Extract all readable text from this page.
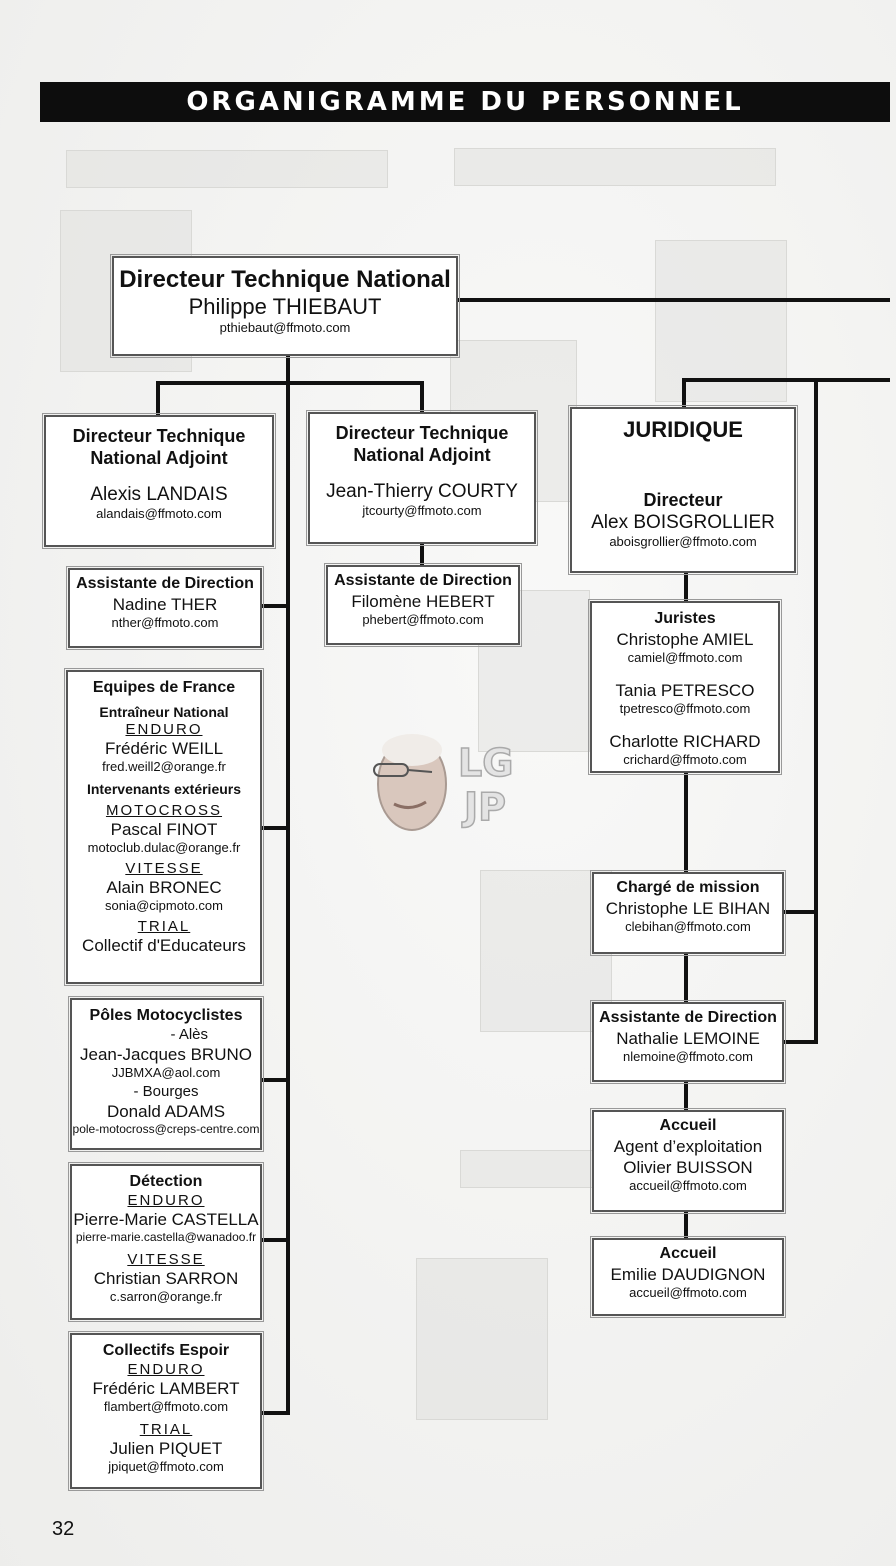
ORGANIGRAMME DU PERSONNEL
Directeur Technique National
Philippe THIEBAUT
pthiebaut@ffmoto.com
Directeur Technique
National Adjoint
Alexis LANDAIS
alandais@ffmoto.com
Directeur Technique
National Adjoint
Jean-Thierry COURTY
jtcourty@ffmoto.com
Assistante de Direction
Nadine THER
nther@ffmoto.com
Assistante de Direction
Filomène HEBERT
phebert@ffmoto.com
Equipes de France
Entraîneur National
ENDURO
Frédéric WEILL
fred.weill2@orange.fr
Intervenants extérieurs
MOTOCROSS
Pascal FINOT
motoclub.dulac@orange.fr
VITESSE
Alain BRONEC
sonia@cipmoto.com
TRIAL
Collectif d'Educateurs
Pôles Motocyclistes
- Alès
Jean-Jacques BRUNO
JJBMXA@aol.com
- Bourges
Donald ADAMS
pole-motocross@creps-centre.com
Détection
ENDURO
Pierre-Marie CASTELLA
pierre-marie.castella@wanadoo.fr
VITESSE
Christian SARRON
c.sarron@orange.fr
Collectifs Espoir
ENDURO
Frédéric LAMBERT
flambert@ffmoto.com
TRIAL
Julien PIQUET
jpiquet@ffmoto.com
JURIDIQUE
Directeur
Alex BOISGROLLIER
aboisgrollier@ffmoto.com
Juristes
Christophe AMIEL
camiel@ffmoto.com
Tania PETRESCO
tpetresco@ffmoto.com
Charlotte RICHARD
crichard@ffmoto.com
Chargé de mission
Christophe LE BIHAN
clebihan@ffmoto.com
Assistante de Direction
Nathalie LEMOINE
nlemoine@ffmoto.com
Accueil
Agent d’exploitation
Olivier BUISSON
accueil@ffmoto.com
Accueil
Emilie DAUDIGNON
accueil@ffmoto.com
LG
JP
32
